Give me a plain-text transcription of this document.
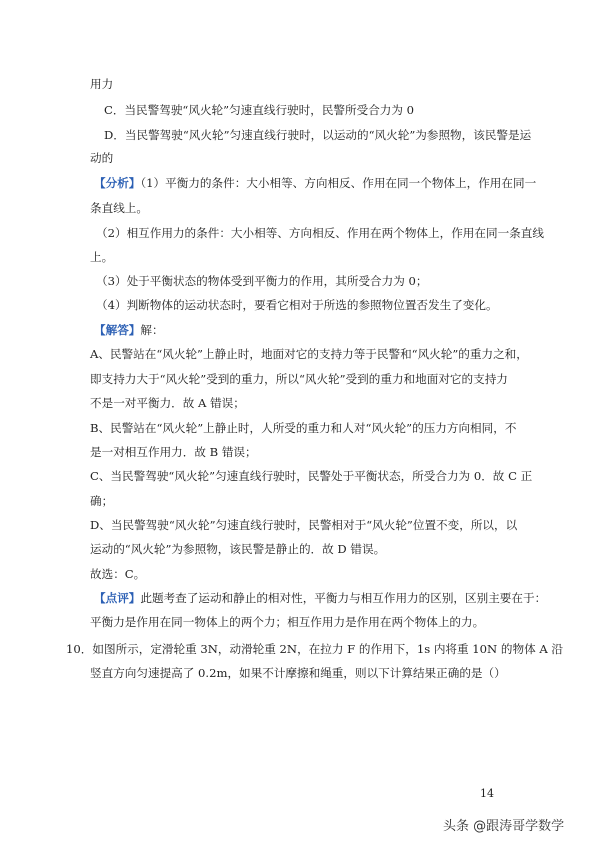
用力
C．当民警驾驶“风火轮”匀速直线行驶时，民警所受合力为 0
D．当民警驾驶“风火轮”匀速直线行驶时，以运动的“风火轮”为参照物，该民警是运
动的
【分析】（1）平衡力的条件：大小相等、方向相反、作用在同一个物体上，作用在同一
条直线上。
（2）相互作用力的条件：大小相等、方向相反、作用在两个物体上，作用在同一条直线
上。
（3）处于平衡状态的物体受到平衡力的作用，其所受合力为 0；
（4）判断物体的运动状态时，要看它相对于所选的参照物位置否发生了变化。
【解答】解：
A、民警站在“风火轮”上静止时，地面对它的支持力等于民警和“风火轮”的重力之和，
即支持力大于“风火轮”受到的重力，所以“风火轮”受到的重力和地面对它的支持力
不是一对平衡力．故 A 错误；
B、民警站在“风火轮”上静止时，人所受的重力和人对“风火轮”的压力方向相同，不
是一对相互作用力．故 B 错误；
C、当民警驾驶“风火轮”匀速直线行驶时，民警处于平衡状态，所受合力为 0．故 C 正
确；
D、当民警驾驶“风火轮”匀速直线行驶时，民警相对于“风火轮”位置不变，所以，以
运动的“风火轮”为参照物，该民警是静止的．故 D 错误。
故选：C。
【点评】此题考查了运动和静止的相对性，平衡力与相互作用力的区别，区别主要在于：
平衡力是作用在同一物体上的两个力；相互作用力是作用在两个物体上的力。
10．如图所示，定滑轮重 3N，动滑轮重 2N，在拉力 F 的作用下，1s 内将重 10N 的物体 A 沿
竖直方向匀速提高了 0.2m，如果不计摩擦和绳重，则以下计算结果正确的是（）
14
头条 @跟涛哥学数学
